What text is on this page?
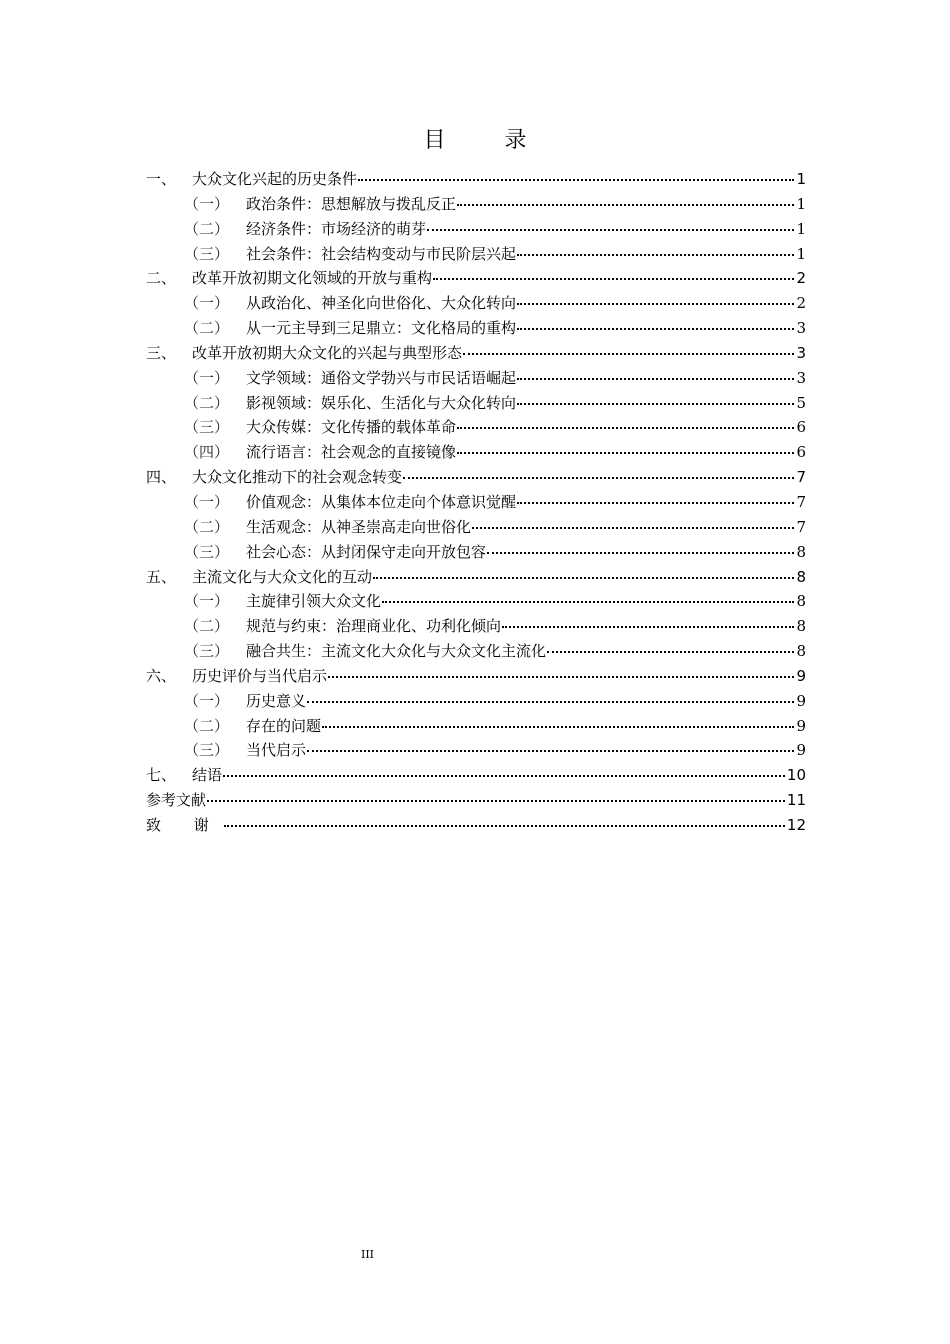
目 录
一、	大众文化兴起的历史条件	1
（一）	政治条件：思想解放与拨乱反正	1
（二）	经济条件：市场经济的萌芽	1
（三）	社会条件：社会结构变动与市民阶层兴起	1
二、	改革开放初期文化领域的开放与重构	2
（一）	从政治化、神圣化向世俗化、大众化转向	2
（二）	从一元主导到三足鼎立：文化格局的重构	3
三、	改革开放初期大众文化的兴起与典型形态	3
（一）	文学领域：通俗文学勃兴与市民话语崛起	3
（二）	影视领域：娱乐化、生活化与大众化转向	5
（三）	大众传媒：文化传播的载体革命	6
（四）	流行语言：社会观念的直接镜像	6
四、	大众文化推动下的社会观念转变	7
（一）	价值观念：从集体本位走向个体意识觉醒	7
（二）	生活观念：从神圣崇高走向世俗化	7
（三）	社会心态：从封闭保守走向开放包容	8
五、	主流文化与大众文化的互动	8
（一）	主旋律引领大众文化	8
（二）	规范与约束：治理商业化、功利化倾向	8
（三）	融合共生：主流文化大众化与大众文化主流化	8
六、	历史评价与当代启示	9
（一）	历史意义	9
（二）	存在的问题	9
（三）	当代启示	9
七、	结语	10
参考文献	11
致 谢	12
III
